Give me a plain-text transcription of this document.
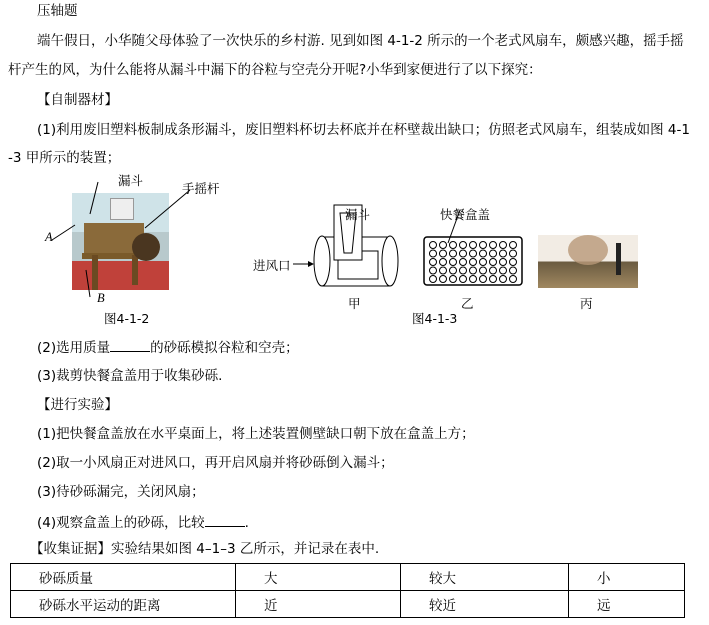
压轴题
端午假日，小华随父母体验了一次快乐的乡村游. 见到如图 4-1-2 所示的一个老式风扇车，颇感兴趣，摇手摇
杆产生的风，为什么能将从漏斗中漏下的谷粒与空壳分开呢?小华到家便进行了以下探究：
【自制器材】
(1)利用废旧塑料板制成条形漏斗，废旧塑料杯切去杯底并在杯壁裁出缺口；仿照老式风扇车，组装成如图 4-1
-3 甲所示的装置；
漏斗
手摇杆
A
B
图4-1-2
漏斗
进风口
甲
快餐盒盖
乙	丙
图4-1-3
(2)选用质量	的砂砾模拟谷粒和空壳；
(3)裁剪快餐盒盖用于收集砂砾.
【进行实验】
(1)把快餐盒盖放在水平桌面上，将上述装置侧壁缺口朝下放在盒盖上方；
(2)取一小风扇正对进风口，再开启风扇并将砂砾倒入漏斗；
(3)待砂砾漏完，关闭风扇；
(4)观察盒盖上的砂砾，比较	.
【收集证据】实验结果如图 4–1–3 乙所示，并记录在表中.
砂砾质量	大	较大	小
砂砾水平运动的距离	近	较近	远
